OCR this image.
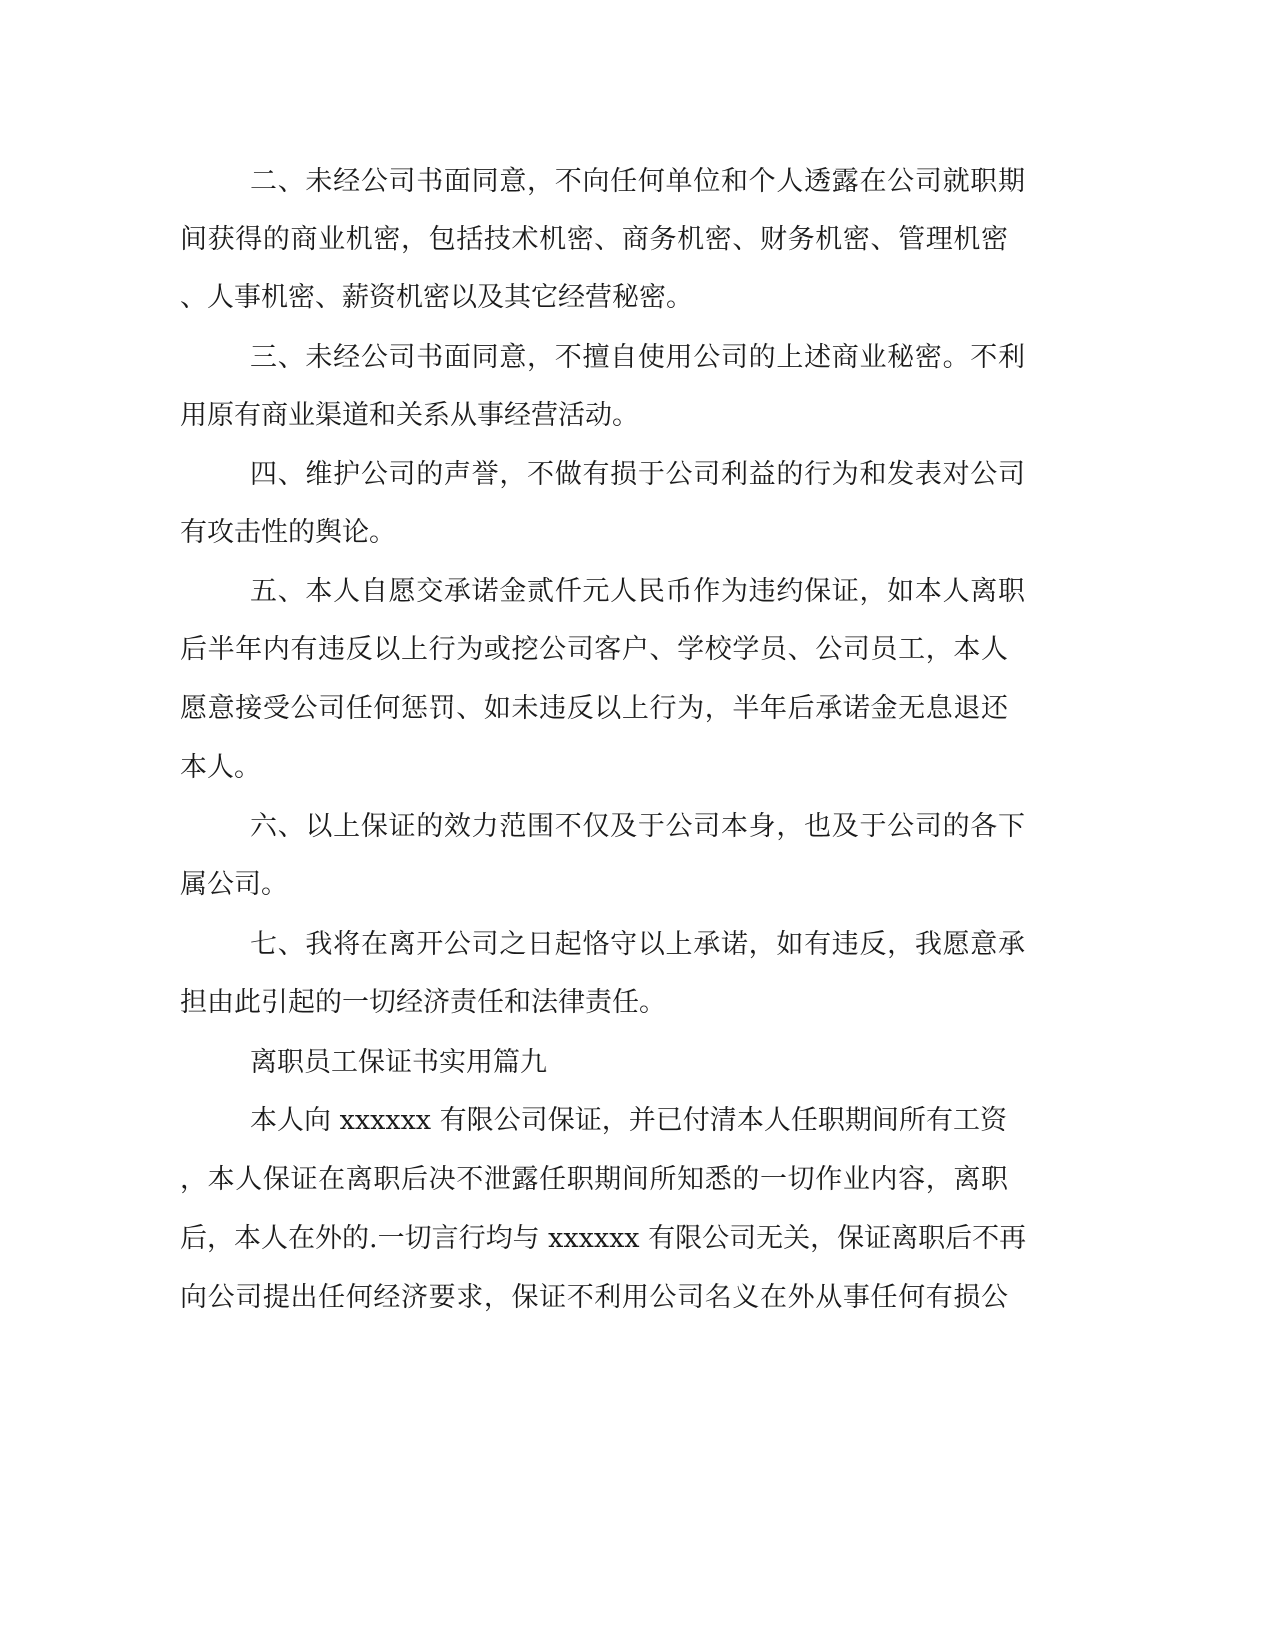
二、未经公司书面同意，不向任何单位和个人透露在公司就职期
间获得的商业机密，包括技术机密、商务机密、财务机密、管理机密
、人事机密、薪资机密以及其它经营秘密。
三、未经公司书面同意，不擅自使用公司的上述商业秘密。不利
用原有商业渠道和关系从事经营活动。
四、维护公司的声誉，不做有损于公司利益的行为和发表对公司
有攻击性的舆论。
五、本人自愿交承诺金贰仟元人民币作为违约保证，如本人离职
后半年内有违反以上行为或挖公司客户、学校学员、公司员工，本人
愿意接受公司任何惩罚、如未违反以上行为，半年后承诺金无息退还
本人。
六、以上保证的效力范围不仅及于公司本身，也及于公司的各下
属公司。
七、我将在离开公司之日起恪守以上承诺，如有违反，我愿意承
担由此引起的一切经济责任和法律责任。
离职员工保证书实用篇九
本人向 xxxxxx 有限公司保证，并已付清本人任职期间所有工资
，本人保证在离职后决不泄露任职期间所知悉的一切作业内容，离职
后，本人在外的.一切言行均与 xxxxxx 有限公司无关，保证离职后不再
向公司提出任何经济要求，保证不利用公司名义在外从事任何有损公
